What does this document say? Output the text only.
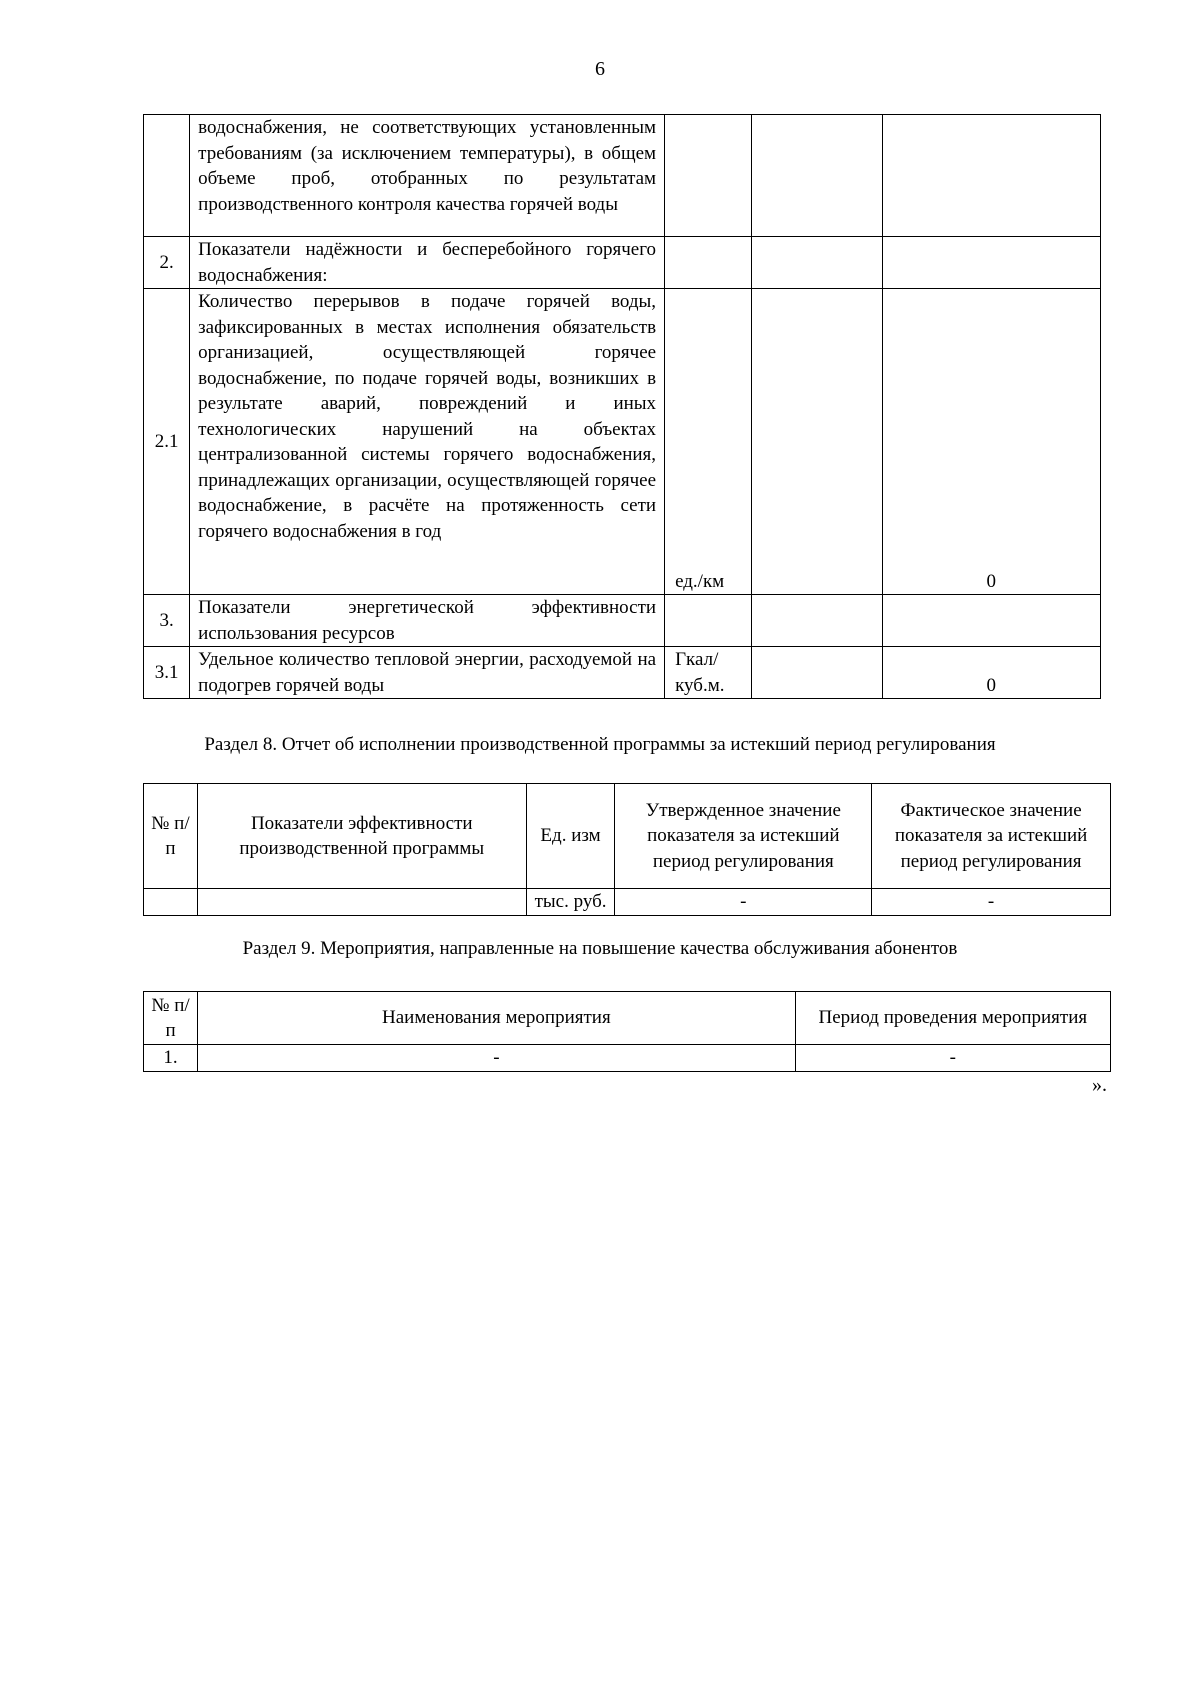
6
	водоснабжения, не соответствующих установленным требованиям (за исключением температуры), в общем объеме проб, отобранных по результатам производственного контроля качества горячей воды			
2.	Показатели надёжности и бесперебойного горячего водоснабжения:			
2.1	Количество перерывов в подаче горячей воды, зафиксированных в местах исполнения обязательств организацией, осуществляющей горячее водоснабжение, по подаче горячей воды, возникших в результате аварий, повреждений и иных технологических нарушений на объектах централизованной системы горячего водоснабжения, принадлежащих организации, осуществляющей горячее водоснабжение, в расчёте на протяженность сети горячего водоснабжения в год	ед./км		0
3.	Показатели энергетической эффективности использования ресурсов			
3.1	Удельное количество тепловой энергии, расходуемой на подогрев горячей воды	Гкал/ куб.м.		0
Раздел 8. Отчет об исполнении производственной программы за истекший период регулирования
№ п/п	Показатели эффективности производственной программы	Ед. изм	Утвержденное значение показателя за истекший период регулирования	Фактическое значение показателя за истекший период регулирования
		тыс. руб.	-	-
Раздел 9. Мероприятия, направленные на повышение качества обслуживания абонентов
№ п/п	Наименования мероприятия	Период проведения мероприятия
1.	-	-
».
